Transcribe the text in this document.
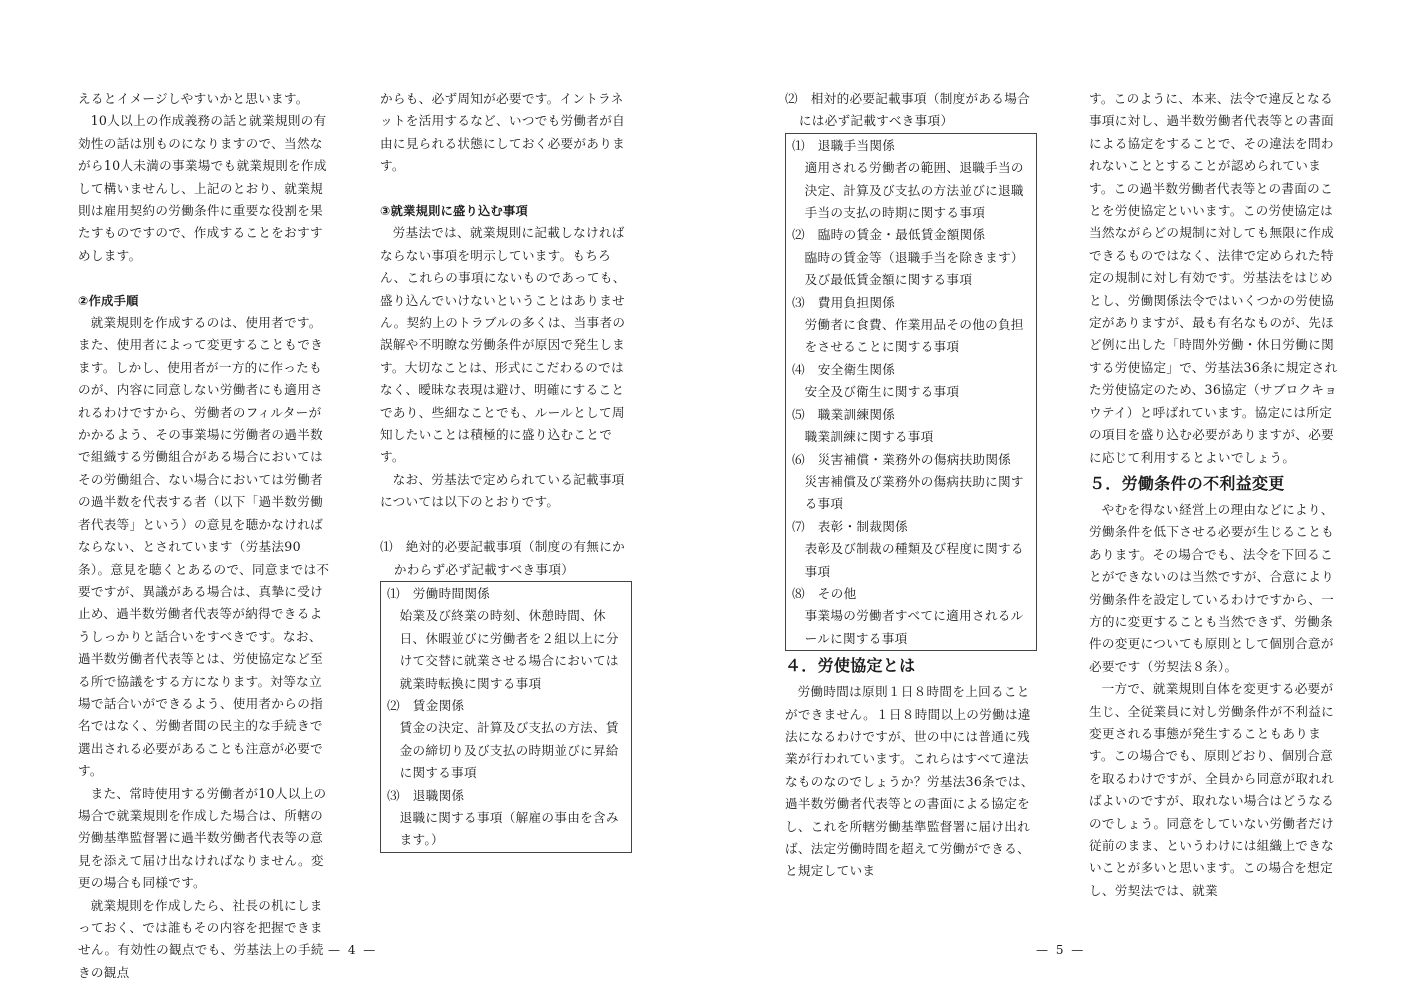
えるとイメージしやすいかと思います。

10人以上の作成義務の話と就業規則の有効性の話は別ものになりますので、当然ながら10人未満の事業場でも就業規則を作成して構いませんし、上記のとおり、就業規則は雇用契約の労働条件に重要な役割を果たすものですので、作成することをおすすめします。

②作成手順

就業規則を作成するのは、使用者です。また、使用者によって変更することもできます。しかし、使用者が一方的に作ったものが、内容に同意しない労働者にも適用されるわけですから、労働者のフィルターがかかるよう、その事業場に労働者の過半数で組織する労働組合がある場合においてはその労働組合、ない場合においては労働者の過半数を代表する者（以下「過半数労働者代表等」という）の意見を聴かなければならない、とされています（労基法90条）。意見を聴くとあるので、同意までは不要ですが、異議がある場合は、真摯に受け止め、過半数労働者代表等が納得できるようしっかりと話合いをすべきです。なお、過半数労働者代表等とは、労使協定など至る所で協議をする方になります。対等な立場で話合いができるよう、使用者からの指名ではなく、労働者間の民主的な手続きで選出される必要があることも注意が必要です。

また、常時使用する労働者が10人以上の場合で就業規則を作成した場合は、所轄の労働基準監督署に過半数労働者代表等の意見を添えて届け出なければなりません。変更の場合も同様です。

就業規則を作成したら、社長の机にしまっておく、では誰もその内容を把握できません。有効性の観点でも、労基法上の手続きの観点

からも、必ず周知が必要です。イントラネットを活用するなど、いつでも労働者が自由に見られる状態にしておく必要があります。

③就業規則に盛り込む事項

労基法では、就業規則に記載しなければならない事項を明示しています。もちろん、これらの事項にないものであっても、盛り込んでいけないということはありません。契約上のトラブルの多くは、当事者の誤解や不明瞭な労働条件が原因で発生します。大切なことは、形式にこだわるのではなく、曖昧な表現は避け、明確にすることであり、些細なことでも、ルールとして周知したいことは積極的に盛り込むことです。

なお、労基法で定められている記載事項については以下のとおりです。

⑴　絶対的必要記載事項（制度の有無にかかわらず必ず記載すべき事項）

⑴　労働時間関係

始業及び終業の時刻、休憩時間、休日、休暇並びに労働者を２組以上に分けて交替に就業させる場合においては就業時転換に関する事項

⑵　賃金関係

賃金の決定、計算及び支払の方法、賃金の締切り及び支払の時期並びに昇給に関する事項

⑶　退職関係

退職に関する事項（解雇の事由を含みます。）

— 4 —

⑵　相対的必要記載事項（制度がある場合には必ず記載すべき事項）

⑴　退職手当関係

適用される労働者の範囲、退職手当の決定、計算及び支払の方法並びに退職手当の支払の時期に関する事項

⑵　臨時の賃金・最低賃金額関係

臨時の賃金等（退職手当を除きます）及び最低賃金額に関する事項

⑶　費用負担関係

労働者に食費、作業用品その他の負担をさせることに関する事項

⑷　安全衛生関係

安全及び衛生に関する事項

⑸　職業訓練関係

職業訓練に関する事項

⑹　災害補償・業務外の傷病扶助関係

災害補償及び業務外の傷病扶助に関する事項

⑺　表彰・制裁関係

表彰及び制裁の種類及び程度に関する事項

⑻　その他

事業場の労働者すべてに適用されるルールに関する事項

４．労使協定とは

労働時間は原則１日８時間を上回ることができません。１日８時間以上の労働は違法になるわけですが、世の中には普通に残業が行われています。これらはすべて違法なものなのでしょうか？労基法36条では、過半数労働者代表等との書面による協定をし、これを所轄労働基準監督署に届け出れば、法定労働時間を超えて労働ができる、と規定していま

す。このように、本来、法令で違反となる事項に対し、過半数労働者代表等との書面による協定をすることで、その違法を問われないこととすることが認められています。この過半数労働者代表等との書面のことを労使協定といいます。この労使協定は当然ながらどの規制に対しても無限に作成できるものではなく、法律で定められた特定の規制に対し有効です。労基法をはじめとし、労働関係法令ではいくつかの労使協定がありますが、最も有名なものが、先ほど例に出した「時間外労働・休日労働に関する労使協定」で、労基法36条に規定された労使協定のため、36協定（サブロクキョウテイ）と呼ばれています。協定には所定の項目を盛り込む必要がありますが、必要に応じて利用するとよいでしょう。

５．労働条件の不利益変更

やむを得ない経営上の理由などにより、労働条件を低下させる必要が生じることもあります。その場合でも、法令を下回ることができないのは当然ですが、合意により労働条件を設定しているわけですから、一方的に変更することも当然できず、労働条件の変更についても原則として個別合意が必要です（労契法８条）。

一方で、就業規則自体を変更する必要が生じ、全従業員に対し労働条件が不利益に変更される事態が発生することもあります。この場合でも、原則どおり、個別合意を取るわけですが、全員から同意が取れればよいのですが、取れない場合はどうなるのでしょう。同意をしていない労働者だけ従前のまま、というわけには組織上できないことが多いと思います。この場合を想定し、労契法では、就業

— 5 —
